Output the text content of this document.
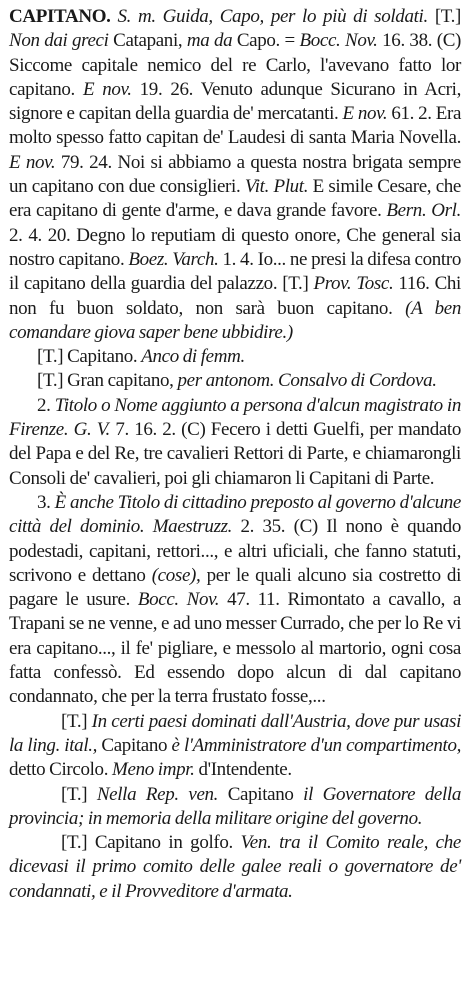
CAPITANO. S. m. Guida, Capo, per lo più di soldati. [T.] Non dai greci Catapani, ma da Capo. = Bocc. Nov. 16. 38. (C) Siccome capitale nemico del re Carlo, l'avevano fatto lor capitano. E nov. 19. 26. Venuto adunque Sicurano in Acri, signore e capitan della guardia de' mercatanti. E nov. 61. 2. Era molto spesso fatto capitan de' Laudesi di santa Maria Novella. E nov. 79. 24. Noi si abbiamo a questa nostra brigata sempre un capitano con due consiglieri. Vit. Plut. E simile Cesare, che era capitano di gente d'arme, e dava grande favore. Bern. Orl. 2. 4. 20. Degno lo reputiam di questo onore, Che general sia nostro capitano. Boez. Varch. 1. 4. Io... ne presi la difesa contro il capitano della guardia del palazzo. [T.] Prov. Tosc. 116. Chi non fu buon soldato, non sarà buon capitano. (A ben comandare giova saper bene ubbidire.)

[T.] Capitano. Anco di femm.

[T.] Gran capitano, per antonom. Consalvo di Cordova.

2. Titolo o Nome aggiunto a persona d'alcun magistrato in Firenze. G. V. 7. 16. 2. (C) Fecero i detti Guelfi, per mandato del Papa e del Re, tre cavalieri Rettori di Parte, e chiamarongli Consoli de' cavalieri, poi gli chiamaron li Capitani di Parte.

3. È anche Titolo di cittadino preposto al governo d'alcune città del dominio. Maestruzz. 2. 35. (C) Il nono è quando podestadi, capitani, rettori..., e altri uficiali, che fanno statuti, scrivono e dettano (cose), per le quali alcuno sia costretto di pagare le usure. Bocc. Nov. 47. 11. Rimontato a cavallo, a Trapani se ne venne, e ad uno messer Currado, che per lo Re vi era capitano..., il fe' pigliare, e messolo al martorio, ogni cosa fatta confessò. Ed essendo dopo alcun di dal capitano condannato, che per la terra frustato fosse,...

[T.] In certi paesi dominati dall'Austria, dove pur usasi la ling. ital., Capitano è l'Amministratore d'un compartimento, detto Circolo. Meno impr. d'Intendente.

[T.] Nella Rep. ven. Capitano il Governatore della provincia; in memoria della militare origine del governo.

[T.] Capitano in golfo. Ven. tra il Comito reale, che dicevasi il primo comito delle galee reali o governatore de' condannati, e il Provveditore d'armata.
